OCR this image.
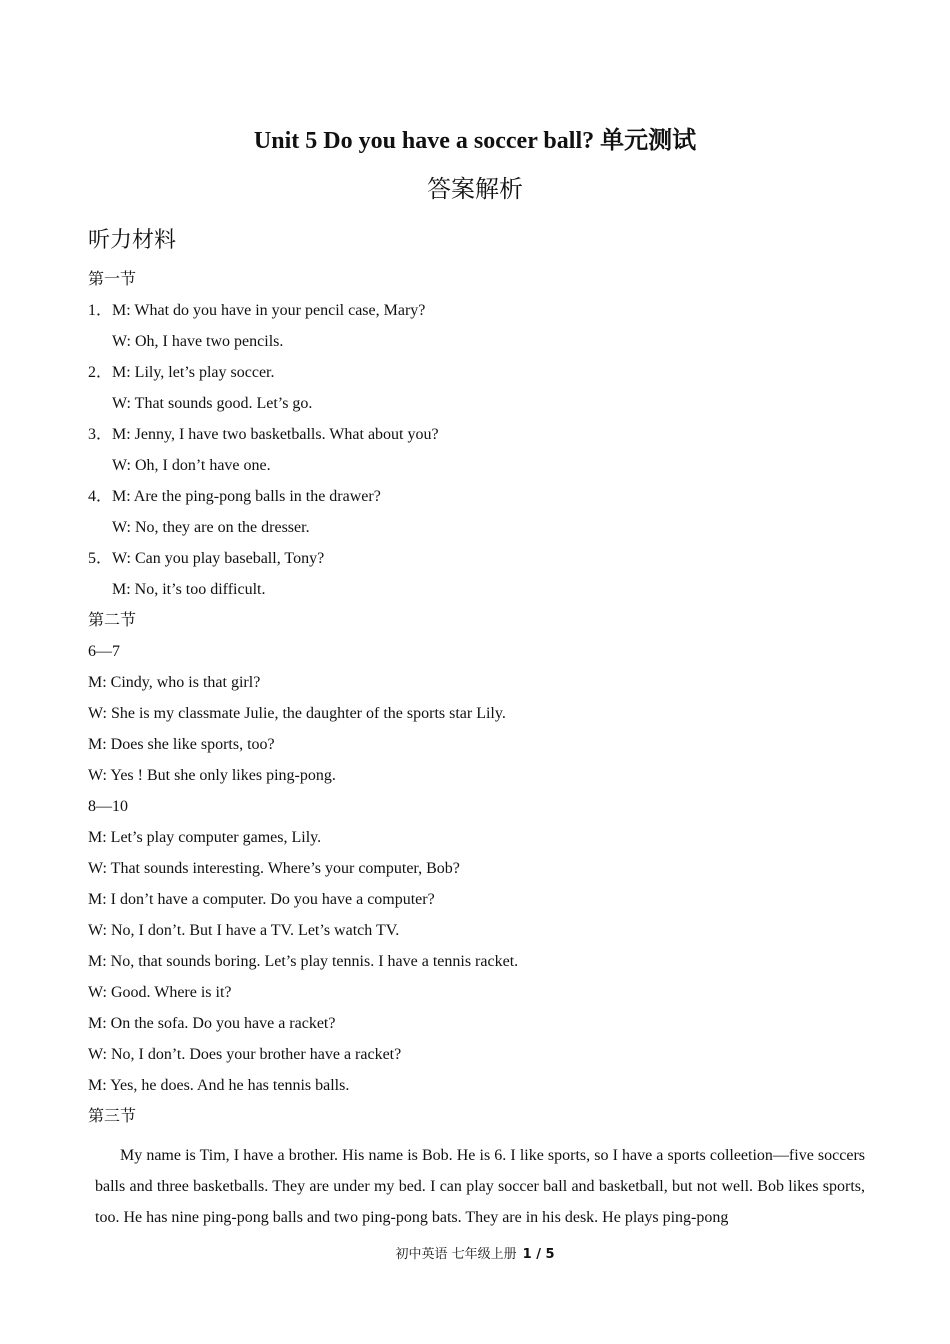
Unit 5 Do you have a soccer ball? 单元测试
答案解析
听力材料
第一节
1．M: What do you have in your pencil case, Mary?
W: Oh, I have two pencils.
2．M: Lily, let’s play soccer.
W: That sounds good. Let’s go.
3．M: Jenny, I have two basketballs. What about you?
W: Oh, I don’t have one.
4．M: Are the ping-pong balls in the drawer?
W: No, they are on the dresser.
5．W: Can you play baseball, Tony?
M: No, it’s too difficult.
第二节
6—7
M: Cindy, who is that girl?
W: She is my classmate Julie, the daughter of the sports star Lily.
M: Does she like sports, too?
W: Yes ! But she only likes ping-pong.
8—10
M: Let’s play computer games, Lily.
W: That sounds interesting. Where’s your computer, Bob?
M: I don’t have a computer. Do you have a computer?
W: No, I don’t. But I have a TV. Let’s watch TV.
M: No, that sounds boring. Let’s play tennis. I have a tennis racket.
W: Good. Where is it?
M: On the sofa. Do you have a racket?
W: No, I don’t. Does your brother have a racket?
M: Yes, he does. And he has tennis balls.
第三节
My name is Tim, I have a brother. His name is Bob. He is 6. I like sports, so I have a sports colleetion—five soccers balls and three basketballs. They are under my bed. I can play soccer ball and basketball, but not well. Bob likes sports, too. He has nine ping-pong balls and two ping-pong bats. They are in his desk. He plays ping-pong
初中英语 七年级上册 1 / 5
